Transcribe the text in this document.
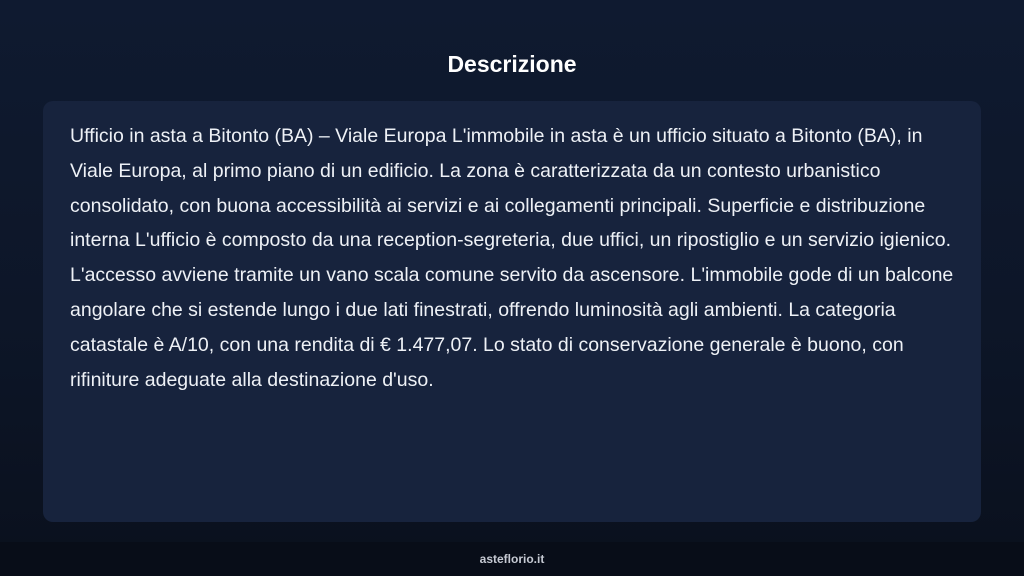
Descrizione

Ufficio in asta a Bitonto (BA) – Viale Europa L'immobile in asta è un ufficio situato a Bitonto (BA), in Viale Europa, al primo piano di un edificio. La zona è caratterizzata da un contesto urbanistico consolidato, con buona accessibilità ai servizi e ai collegamenti principali. Superficie e distribuzione interna L'ufficio è composto da una reception-segreteria, due uffici, un ripostiglio e un servizio igienico. L'accesso avviene tramite un vano scala comune servito da ascensore. L'immobile gode di un balcone angolare che si estende lungo i due lati finestrati, offrendo luminosità agli ambienti. La categoria catastale è A/10, con una rendita di € 1.477,07. Lo stato di conservazione generale è buono, con rifiniture adeguate alla destinazione d'uso.

asteflorio.it
